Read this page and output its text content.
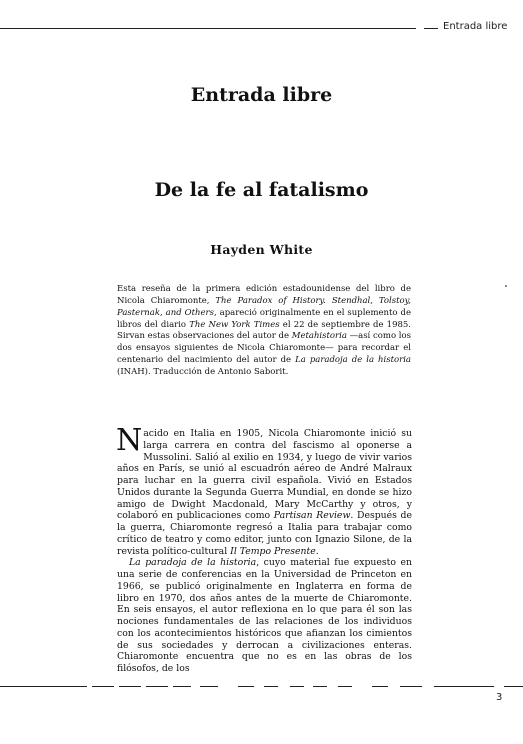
Entrada libre
Entrada libre
De la fe al fatalismo
Hayden White

Esta reseña de la primera edición estadounidense del libro de Nicola Chiaromonte, The Paradox of History. Stendhal, Tolstoy, Pasternak, and Others, apareció originalmente en el suplemento de libros del diario The New York Times el 22 de septiembre de 1985. Sirvan estas observaciones del autor de Metahistoria —así como los dos ensayos siguientes de Nicola Chiaromonte— para recordar el centenario del nacimiento del autor de La paradoja de la historia (INAH). Traducción de Antonio Saborit.

Nacido en Italia en 1905, Nicola Chiaromonte inició su larga carrera en contra del fascismo al oponerse a Mussolini. Salió al exilio en 1934, y luego de vivir varios años en París, se unió al escuadrón aéreo de André Malraux para luchar en la guerra civil española. Vivió en Estados Unidos durante la Segunda Guerra Mundial, en donde se hizo amigo de Dwight Macdonald, Mary McCarthy y otros, y colaboró en publicaciones como Partisan Review. Después de la guerra, Chiaromonte regresó a Italia para trabajar como crítico de teatro y como editor, junto con Ignazio Silone, de la revista político-cultural Il Tempo Presente.

La paradoja de la historia, cuyo material fue expuesto en una serie de conferencias en la Universidad de Princeton en 1966, se publicó originalmente en Inglaterra en forma de libro en 1970, dos años antes de la muerte de Chiaromonte. En seis ensayos, el autor reflexiona en lo que para él son las nociones fundamentales de las relaciones de los individuos con los acontecimientos históricos que afianzan los cimientos de sus sociedades y derrocan a civilizaciones enteras. Chiaromonte encuentra que no es en las obras de los filósofos, de los

3
